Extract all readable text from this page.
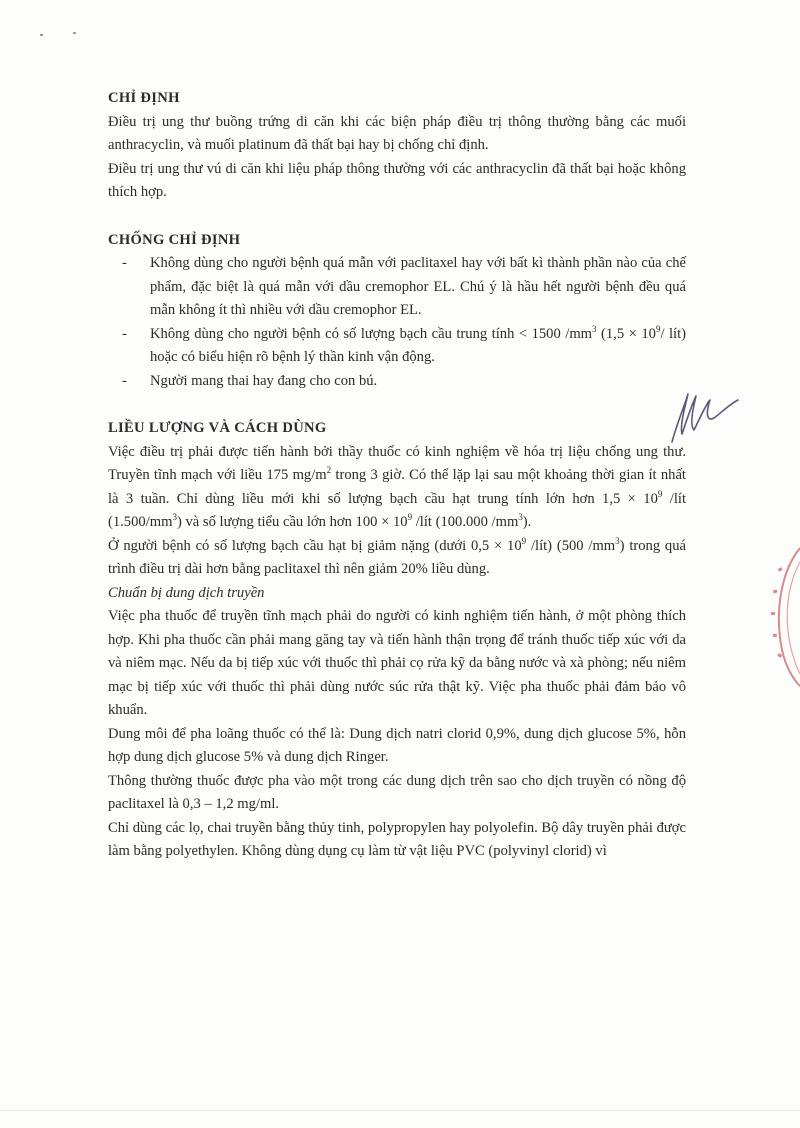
CHỈ ĐỊNH

Điều trị ung thư buồng trứng di căn khi các biện pháp điều trị thông thường bằng các muối anthracyclin, và muối platinum đã thất bại hay bị chống chỉ định.

Điều trị ung thư vú di căn khi liệu pháp thông thường với các anthracyclin đã thất bại hoặc không thích hợp.

CHỐNG CHỈ ĐỊNH
- Không dùng cho người bệnh quá mẫn với paclitaxel hay với bất kì thành phần nào của chế phẩm, đặc biệt là quá mẫn với dầu cremophor EL. Chú ý là hầu hết người bệnh đều quá mẫn không ít thì nhiều với dầu cremophor EL.
- Không dùng cho người bệnh có số lượng bạch cầu trung tính < 1500 $/mm^3$ ($1,5 \times 10^9/$ lít) hoặc có biểu hiện rõ bệnh lý thần kinh vận động.
- Người mang thai hay đang cho con bú.
LIỀU LƯỢNG VÀ CÁCH DÙNG

Việc điều trị phải được tiến hành bởi thầy thuốc có kinh nghiệm về hóa trị liệu chống ung thư. Truyền tĩnh mạch với liều 175 $mg/m^2$ trong 3 giờ. Có thể lặp lại sau một khoảng thời gian ít nhất là 3 tuần. Chỉ dùng liều mới khi số lượng bạch cầu hạt trung tính lớn hơn $1,5 \times 10^9$ /lít $(1.500/mm^3)$ và số lượng tiểu cầu lớn hơn $100 \times 10^9$ /lít (100.000 $/mm^3$).

Ở người bệnh có số lượng bạch cầu hạt bị giảm nặng (dưới $0,5 \times 10^9$ /lít) (500 $/mm^3$) trong quá trình điều trị dài hơn bằng paclitaxel thì nên giảm 20% liều dùng.

Chuẩn bị dung dịch truyền

Việc pha thuốc để truyền tĩnh mạch phải do người có kinh nghiệm tiến hành, ở một phòng thích hợp. Khi pha thuốc cần phải mang găng tay và tiến hành thận trọng để tránh thuốc tiếp xúc với da và niêm mạc. Nếu da bị tiếp xúc với thuốc thì phải cọ rửa kỹ da bằng nước và xà phòng; nếu niêm mạc bị tiếp xúc với thuốc thì phải dùng nước súc rửa thật kỹ. Việc pha thuốc phải đảm bảo vô khuẩn.

Dung môi để pha loãng thuốc có thể là: Dung dịch natri clorid 0,9%, dung dịch glucose 5%, hỗn hợp dung dịch glucose 5% và dung dịch Ringer.

Thông thường thuốc được pha vào một trong các dung dịch trên sao cho dịch truyền có nồng độ paclitaxel là 0,3 – 1,2 mg/ml.

Chỉ dùng các lọ, chai truyền bằng thủy tinh, polypropylen hay polyolefin. Bộ dây truyền phải được làm bằng polyethylen. Không dùng dụng cụ làm từ vật liệu PVC (polyvinyl clorid) vì
